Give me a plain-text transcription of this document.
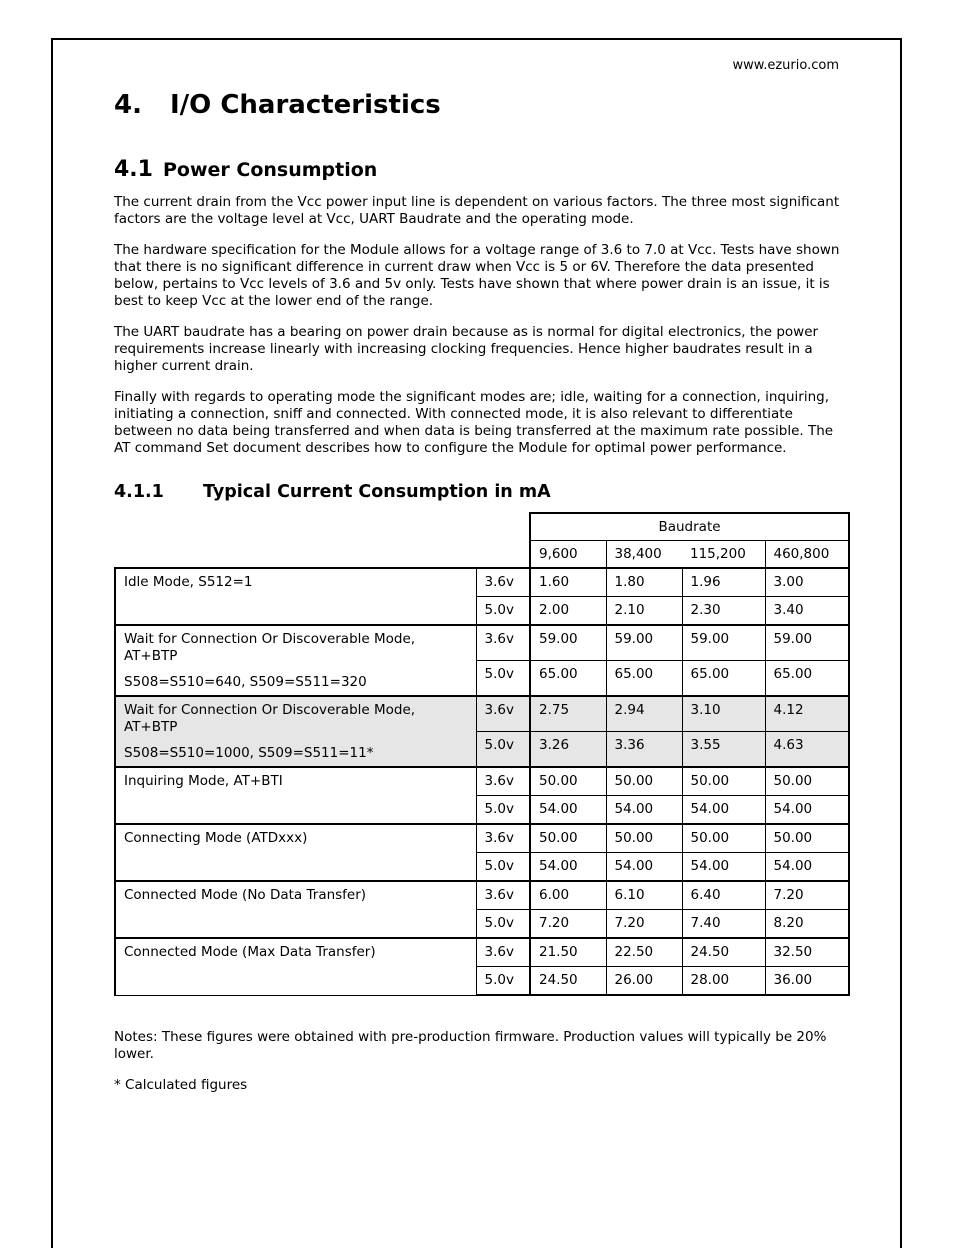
www.ezurio.com
4. I/O Characteristics
4.1 Power Consumption

The current drain from the Vcc power input line is dependent on various factors. The three most significant factors are the voltage level at Vcc, UART Baudrate and the operating mode.

The hardware specification for the Module allows for a voltage range of 3.6 to 7.0 at Vcc. Tests have shown that there is no significant difference in current draw when Vcc is 5 or 6V. Therefore the data presented below, pertains to Vcc levels of 3.6 and 5v only. Tests have shown that where power drain is an issue, it is best to keep Vcc at the lower end of the range.

The UART baudrate has a bearing on power drain because as is normal for digital electronics, the power requirements increase linearly with increasing clocking frequencies. Hence higher baudrates result in a higher current drain.

Finally with regards to operating mode the significant modes are; idle, waiting for a connection, inquiring, initiating a connection, sniff and connected. With connected mode, it is also relevant to differentiate between no data being transferred and when data is being transferred at the maximum rate possible. The AT command Set document describes how to configure the Module for optimal power performance.

4.1.1 Typical Current Consumption in mA
		Baudrate			
		9,600	38,400	115,200	460,800
Idle Mode, S512=1	3.6v	1.60	1.80	1.96	3.00
	5.0v	2.00	2.10	2.30	3.40
Wait for Connection Or Discoverable Mode, AT+BTP
S508=S510=640, S509=S511=320	3.6v	59.00	59.00	59.00	59.00
	5.0v	65.00	65.00	65.00	65.00
Wait for Connection Or Discoverable Mode, AT+BTP
S508=S510=1000, S509=S511=11*	3.6v	2.75	2.94	3.10	4.12
	5.0v	3.26	3.36	3.55	4.63
Inquiring Mode, AT+BTI	3.6v	50.00	50.00	50.00	50.00
	5.0v	54.00	54.00	54.00	54.00
Connecting Mode (ATDxxx)	3.6v	50.00	50.00	50.00	50.00
	5.0v	54.00	54.00	54.00	54.00
Connected Mode (No Data Transfer)	3.6v	6.00	6.10	6.40	7.20
	5.0v	7.20	7.20	7.40	8.20
Connected Mode (Max Data Transfer)	3.6v	21.50	22.50	24.50	32.50
	5.0v	24.50	26.00	28.00	36.00

Notes: These figures were obtained with pre-production firmware. Production values will typically be 20% lower.

* Calculated figures
